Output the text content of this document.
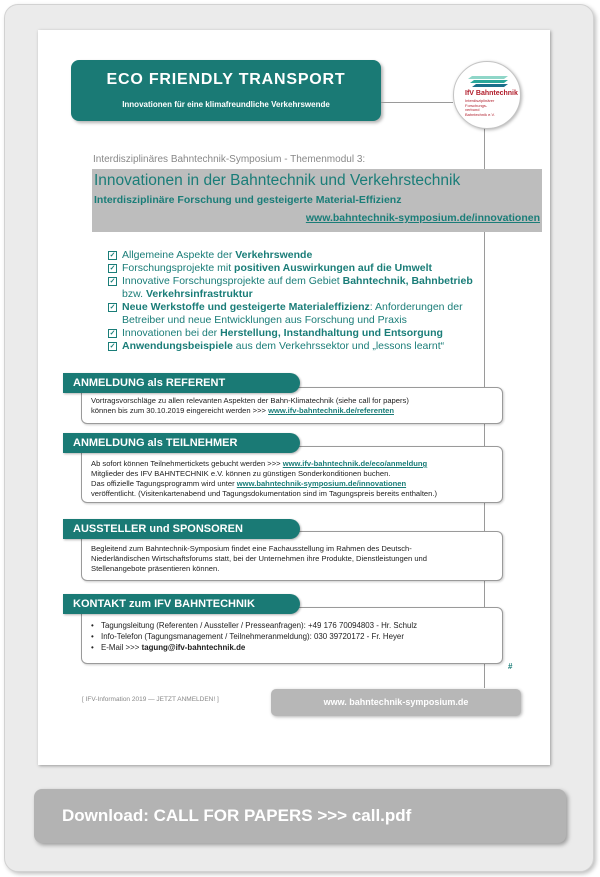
ECO FRIENDLY TRANSPORT
Innovationen für eine klimafreundliche Verkehrswende
IfV Bahntechnik
Interdisziplinärer
Forschungs-
verbund
Bahntechnik e.V.
Interdisziplinäres Bahntechnik-Symposium - Themenmodul 3:
Innovationen in der Bahntechnik und Verkehrstechnik
Interdisziplinäre Forschung und gesteigerte Material-Effizienz
www.bahntechnik-symposium.de/innovationen
✓ Allgemeine Aspekte der Verkehrswende
✓ Forschungsprojekte mit positiven Auswirkungen auf die Umwelt
✓ Innovative Forschungsprojekte auf dem Gebiet Bahntechnik, Bahnbetrieb
bzw. Verkehrsinfrastruktur
✓ Neue Werkstoffe und gesteigerte Materialeffizienz: Anforderungen der
Betreiber und neue Entwicklungen aus Forschung und Praxis
✓ Innovationen bei der Herstellung, Instandhaltung und Entsorgung
✓ Anwendungsbeispiele aus dem Verkehrssektor und „lessons learnt“
ANMELDUNG als REFERENT
Vortragsvorschläge zu allen relevanten Aspekten der Bahn-Klimatechnik (siehe call for papers)
können bis zum 30.10.2019 eingereicht werden >>> www.ifv-bahntechnik.de/referenten
ANMELDUNG als TEILNEHMER
Ab sofort können Teilnehmertickets gebucht werden >>> www.ifv-bahntechnik.de/eco/anmeldung
Mitglieder des IFV BAHNTECHNIK e.V. können zu günstigen Sonderkonditionen buchen.
Das offizielle Tagungsprogramm wird unter www.bahntechnik-symposium.de/innovationen
veröffentlicht. (Visitenkartenabend und Tagungsdokumentation sind im Tagungspreis bereits enthalten.)
AUSSTELLER und SPONSOREN
Begleitend zum Bahntechnik-Symposium findet eine Fachausstellung im Rahmen des Deutsch-
Niederländischen Wirtschaftsforums statt, bei der Unternehmen ihre Produkte, Dienstleistungen und
Stellenangebote präsentieren können.
KONTAKT zum IFV BAHNTECHNIK
• Tagungsleitung (Referenten / Aussteller / Presseanfragen): +49 176 70094803 - Hr. Schulz
• Info-Telefon (Tagungsmanagement / Teilnehmeranmeldung): 030 39720172 - Fr. Heyer
• E-Mail >>> tagung@ifv-bahntechnik.de
#
[ IFV-Information 2019 — JETZT ANMELDEN! ]	www. bahntechnik-symposium.de
Download: CALL FOR PAPERS >>> call.pdf
